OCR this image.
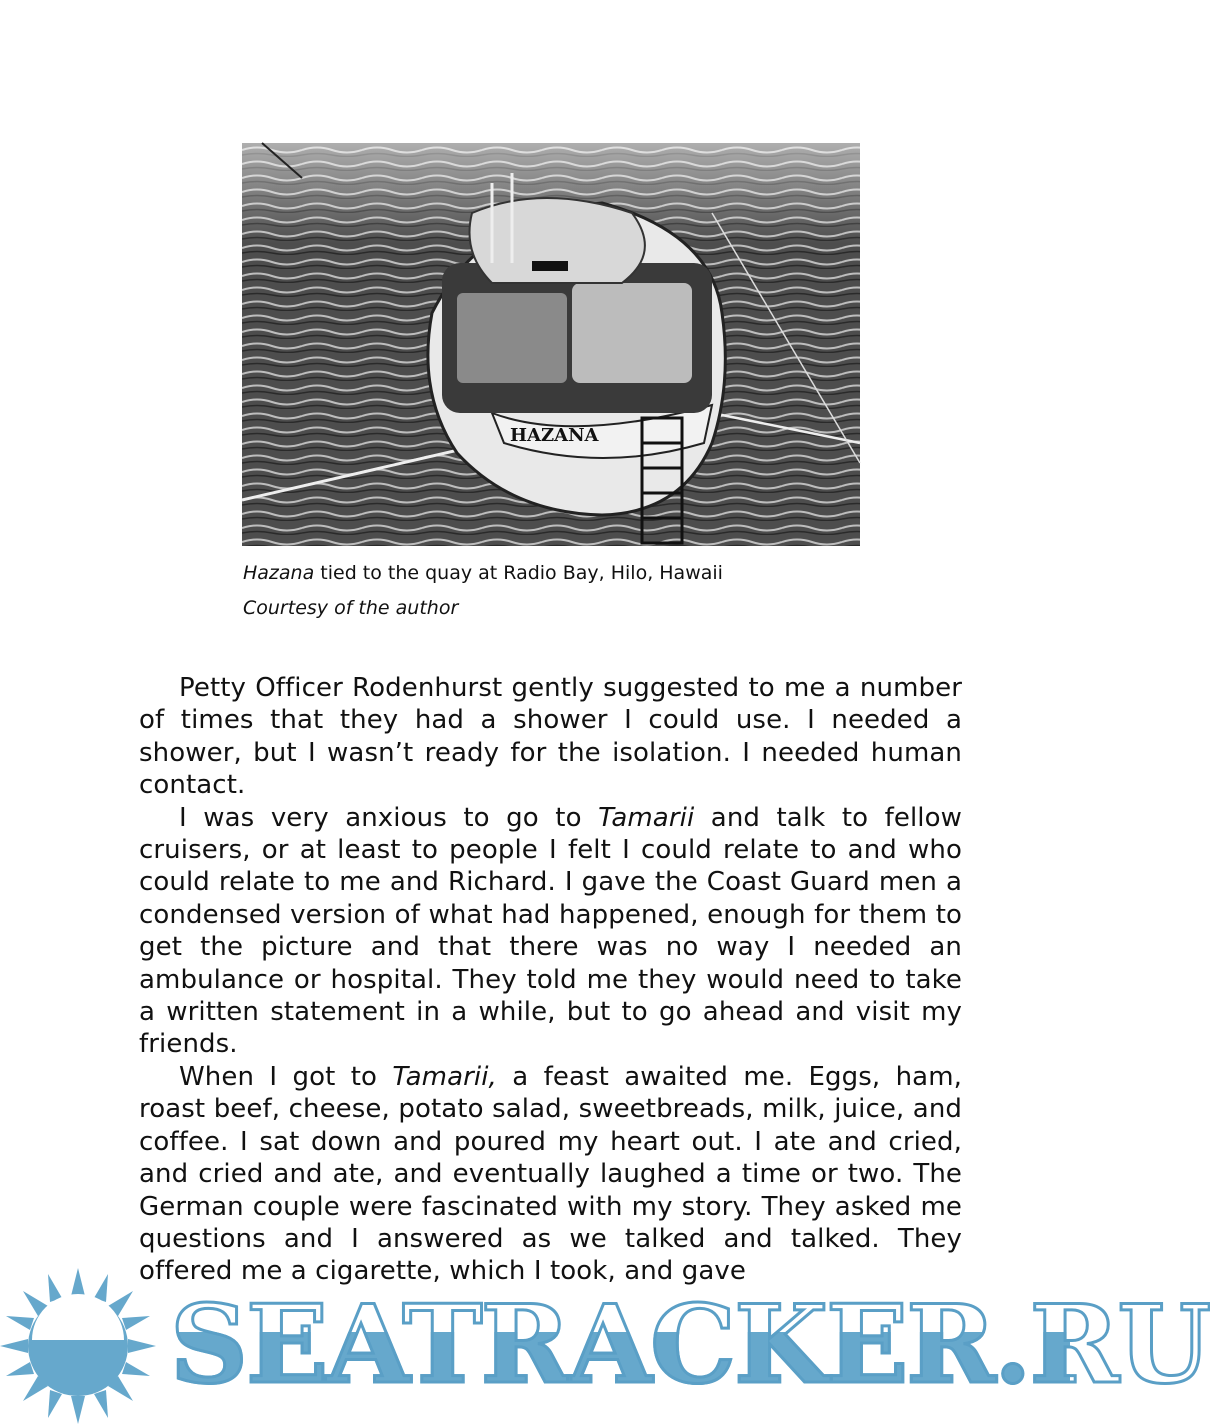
HAZANA
Hazana tied to the quay at Radio Bay, Hilo, Hawaii
Courtesy of the author

Petty Officer Rodenhurst gently suggested to me a number of times that they had a shower I could use. I needed a shower, but I wasn’t ready for the isolation. I needed human contact.

I was very anxious to go to Tamarii and talk to fellow cruisers, or at least to people I felt I could relate to and who could relate to me and Richard. I gave the Coast Guard men a condensed version of what had happened, enough for them to get the picture and that there was no way I needed an ambulance or hospital. They told me they would need to take a written statement in a while, but to go ahead and visit my friends.

When I got to Tamarii, a feast awaited me. Eggs, ham, roast beef, cheese, potato salad, sweetbreads, milk, juice, and coffee. I sat down and poured my heart out. I ate and cried, and cried and ate, and eventually laughed a time or two. The German couple were fascinated with my story. They asked me questions and I answered as we talked and talked. They offered me a cigarette, which I took, and gave

SEATRACKER.RU
